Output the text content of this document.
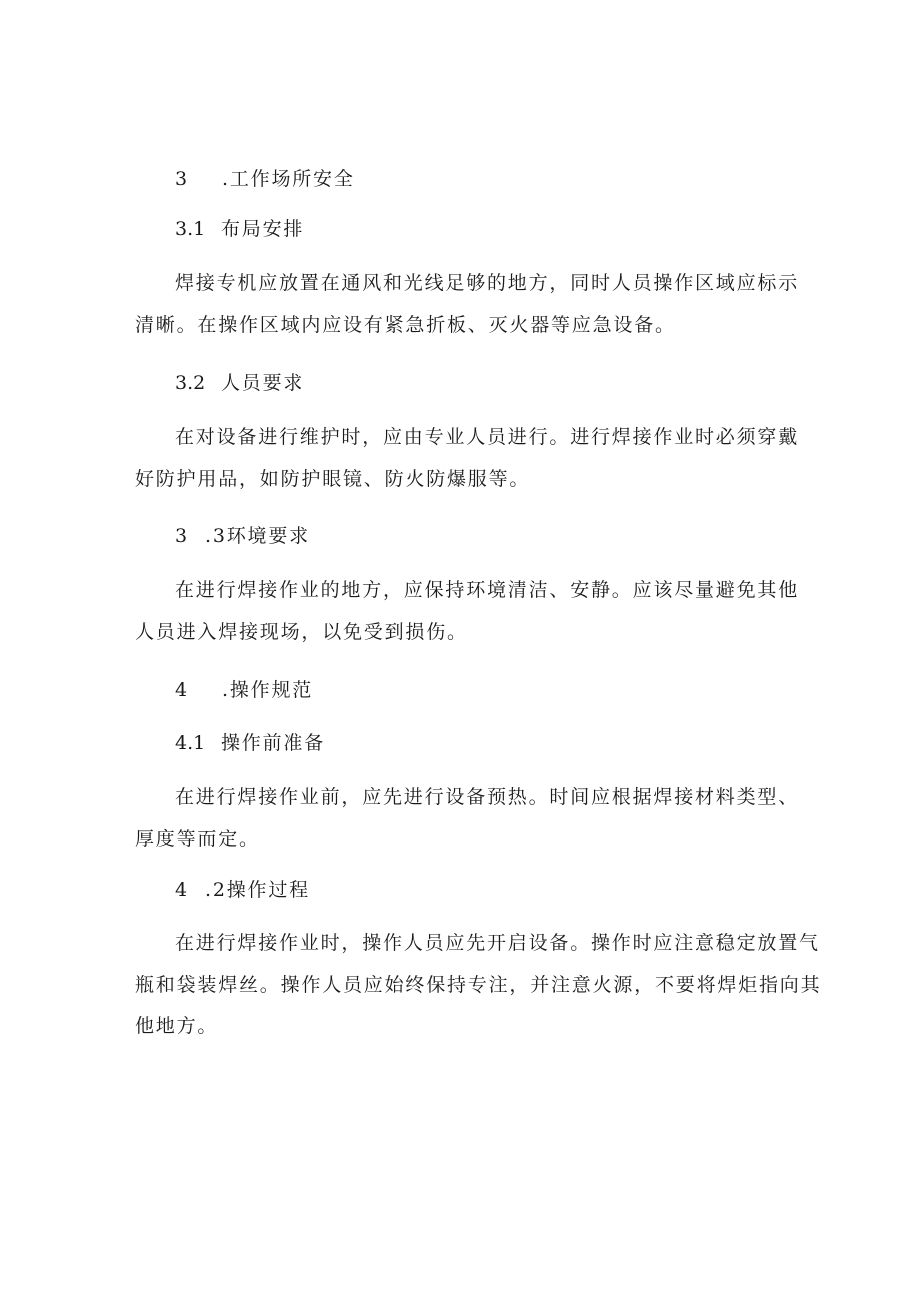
3 .工作场所安全
3.1 布局安排
焊接专机应放置在通风和光线足够的地方，同时人员操作区域应标示
清晰。在操作区域内应设有紧急折板、灭火器等应急设备。
3.2 人员要求
在对设备进行维护时，应由专业人员进行。进行焊接作业时必须穿戴
好防护用品，如防护眼镜、防火防爆服等。
3 .3环境要求
在进行焊接作业的地方，应保持环境清洁、安静。应该尽量避免其他
人员进入焊接现场，以免受到损伤。
4 .操作规范
4.1 操作前准备
在进行焊接作业前，应先进行设备预热。时间应根据焊接材料类型、
厚度等而定。
4 .2操作过程
在进行焊接作业时，操作人员应先开启设备。操作时应注意稳定放置气
瓶和袋装焊丝。操作人员应始终保持专注，并注意火源，不要将焊炬指向其
他地方。
